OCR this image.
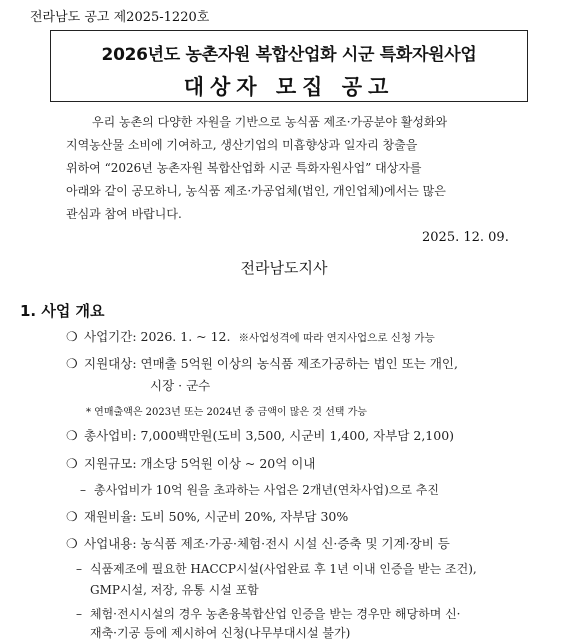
전라남도 공고 제2025-1220호
2026년도 농촌자원 복합산업화 시군 특화자원사업
대상자 모집 공고

우리 농촌의 다양한 자원을 기반으로 농식품 제조·가공분야 활성화와

지역농산물 소비에 기여하고, 생산기업의 미흡향상과 일자리 창출을
위하여 “2026년 농촌자원 복합산업화 시군 특화자원사업” 대상자를
아래와 같이 공모하니, 농식품 제조·가공업체(법인, 개인업체)에서는 많은
관심과 참여 바랍니다.
2025. 12. 09.
전라남도지사
1. 사업 개요
❍ 사업기간: 2026. 1. ~ 12. ※사업성격에 따라 연지사업으로 신청 가능
❍ 지원대상: 연매출 5억원 이상의 농식품 제조가공하는 법인 또는 개인,
시장 · 군수
* 연매출액은 2023년 또는 2024년 중 금액이 많은 것 선택 가능
❍ 총사업비: 7,000백만원(도비 3,500, 시군비 1,400, 자부담 2,100)
❍ 지원규모: 개소당 5억원 이상 ~ 20억 이내
– 총사업비가 10억 원을 초과하는 사업은 2개년(연차사업)으로 추진
❍ 재원비율: 도비 50%, 시군비 20%, 자부담 30%
❍ 사업내용: 농식품 제조·가공·체험·전시 시설 신·증축 및 기계·장비 등
– 식품제조에 필요한 HACCP시설(사업완료 후 1년 이내 인증을 받는 조건),
GMP시설, 저장, 유통 시설 포함
– 체험·전시시설의 경우 농촌융복합산업 인증을 받는 경우만 해당하며 신·
재축·기공 등에 제시하여 신청(나무부대시설 불가)
